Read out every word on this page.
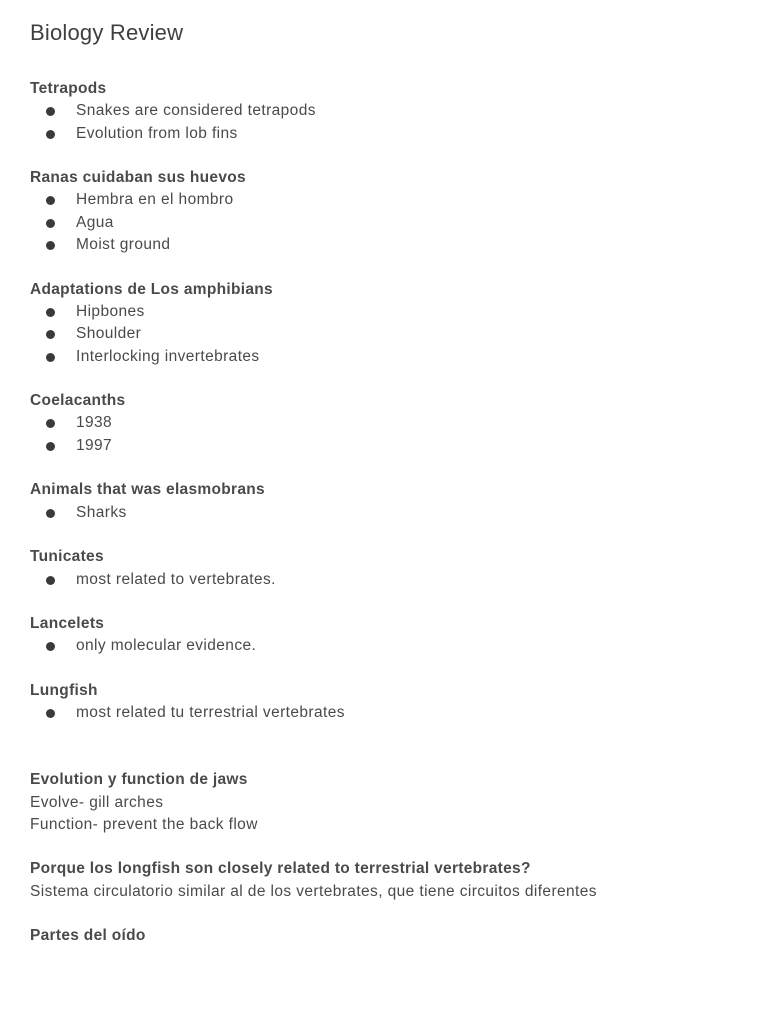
Biology Review
Tetrapods
Snakes are considered tetrapods
Evolution from lob fins
Ranas cuidaban sus huevos
Hembra en el hombro
Agua
Moist ground
Adaptations de Los amphibians
Hipbones
Shoulder
Interlocking invertebrates
Coelacanths
1938
1997
Animals that was elasmobrans
Sharks
Tunicates
most related to vertebrates.
Lancelets
only molecular evidence.
Lungfish
most related tu terrestrial vertebrates
Evolution y function de jaws
Evolve- gill arches
Function- prevent the back flow
Porque los longfish son closely related to terrestrial vertebrates?
Sistema circulatorio similar al de los vertebrates, que tiene circuitos diferentes
Partes del oído
